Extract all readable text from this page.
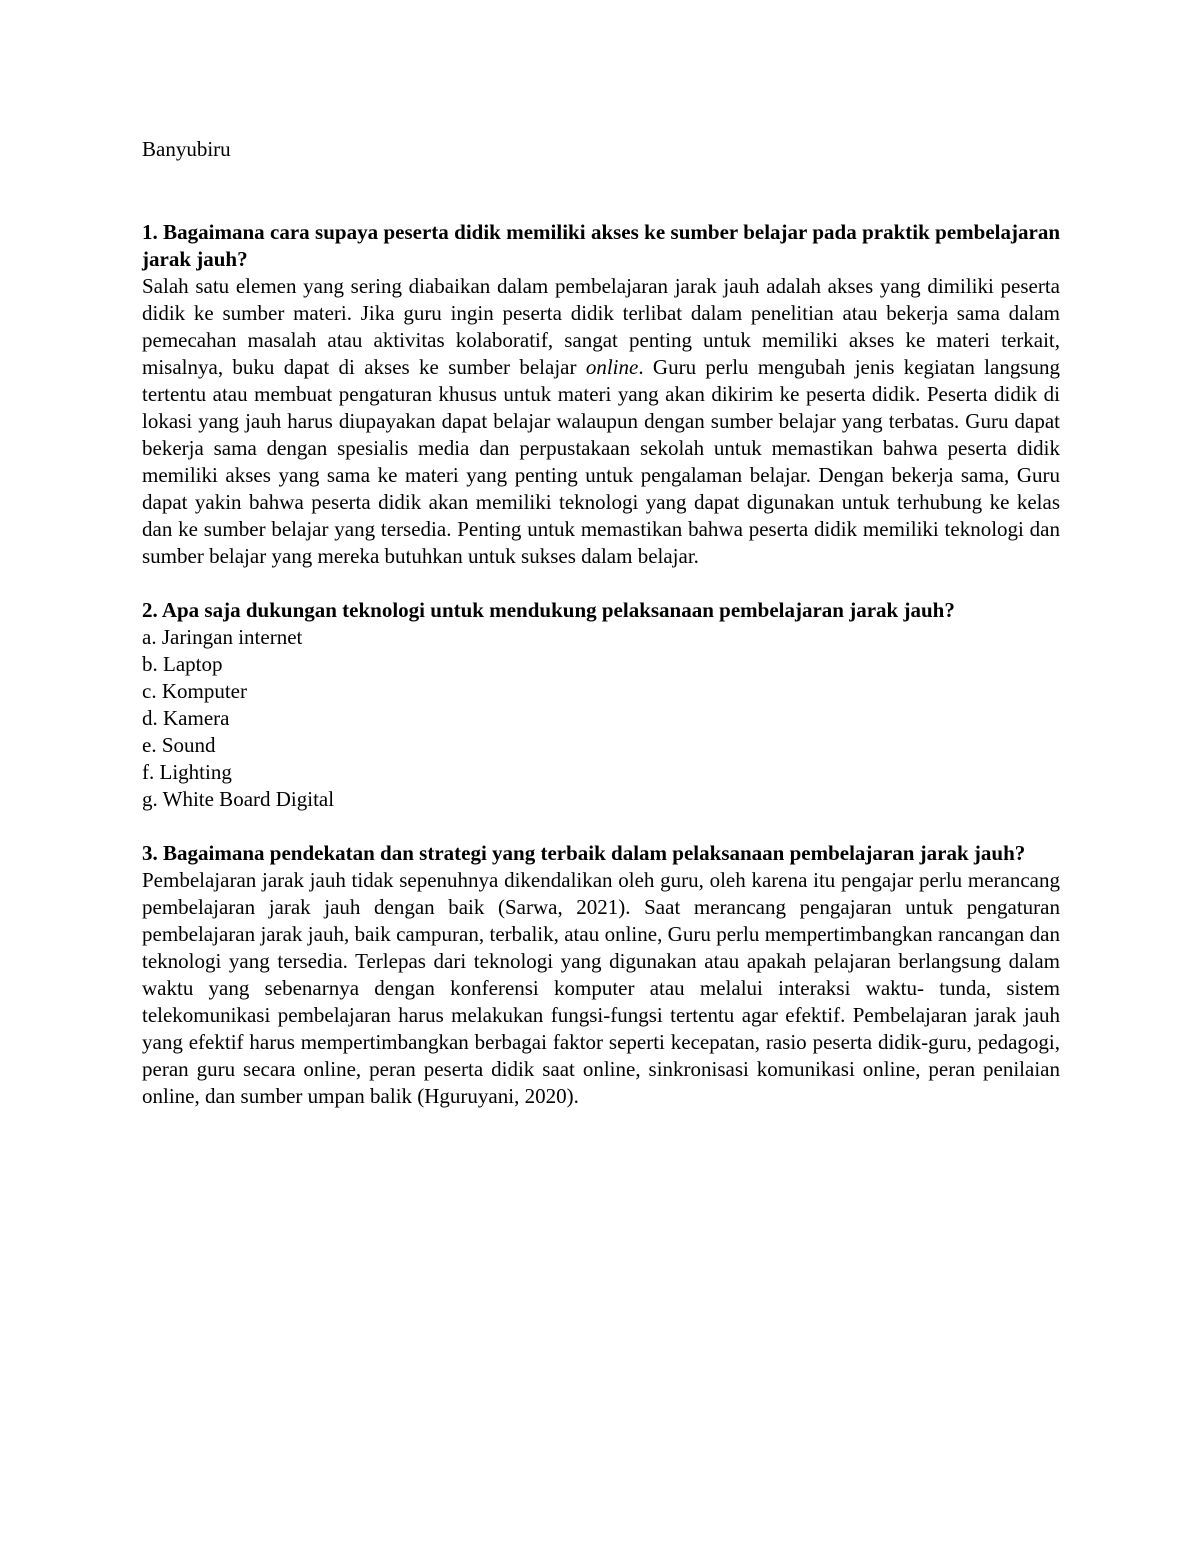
Banyubiru

1. Bagaimana cara supaya peserta didik memiliki akses ke sumber belajar pada praktik pembelajaran jarak jauh?

Salah satu elemen yang sering diabaikan dalam pembelajaran jarak jauh adalah akses yang dimiliki peserta didik ke sumber materi. Jika guru ingin peserta didik terlibat dalam penelitian atau bekerja sama dalam pemecahan masalah atau aktivitas kolaboratif, sangat penting untuk memiliki akses ke materi terkait, misalnya, buku dapat di akses ke sumber belajar online. Guru perlu mengubah jenis kegiatan langsung tertentu atau membuat pengaturan khusus untuk materi yang akan dikirim ke peserta didik. Peserta didik di lokasi yang jauh harus diupayakan dapat belajar walaupun dengan sumber belajar yang terbatas. Guru dapat bekerja sama dengan spesialis media dan perpustakaan sekolah untuk memastikan bahwa peserta didik memiliki akses yang sama ke materi yang penting untuk pengalaman belajar. Dengan bekerja sama, Guru dapat yakin bahwa peserta didik akan memiliki teknologi yang dapat digunakan untuk terhubung ke kelas dan ke sumber belajar yang tersedia. Penting untuk memastikan bahwa peserta didik memiliki teknologi dan sumber belajar yang mereka butuhkan untuk sukses dalam belajar.

2. Apa saja dukungan teknologi untuk mendukung pelaksanaan pembelajaran jarak jauh?

a. Jaringan internet
b. Laptop
c. Komputer
d. Kamera
e. Sound
f. Lighting
g. White Board Digital

3. Bagaimana pendekatan dan strategi yang terbaik dalam pelaksanaan pembelajaran jarak jauh?

Pembelajaran jarak jauh tidak sepenuhnya dikendalikan oleh guru, oleh karena itu pengajar perlu merancang pembelajaran jarak jauh dengan baik (Sarwa, 2021). Saat merancang pengajaran untuk pengaturan pembelajaran jarak jauh, baik campuran, terbalik, atau online, Guru perlu mempertimbangkan rancangan dan teknologi yang tersedia. Terlepas dari teknologi yang digunakan atau apakah pelajaran berlangsung dalam waktu yang sebenarnya dengan konferensi komputer atau melalui interaksi waktu- tunda, sistem telekomunikasi pembelajaran harus melakukan fungsi-fungsi tertentu agar efektif. Pembelajaran jarak jauh yang efektif harus mempertimbangkan berbagai faktor seperti kecepatan, rasio peserta didik-guru, pedagogi, peran guru secara online, peran peserta didik saat online, sinkronisasi komunikasi online, peran penilaian online, dan sumber umpan balik (Hguruyani, 2020).
